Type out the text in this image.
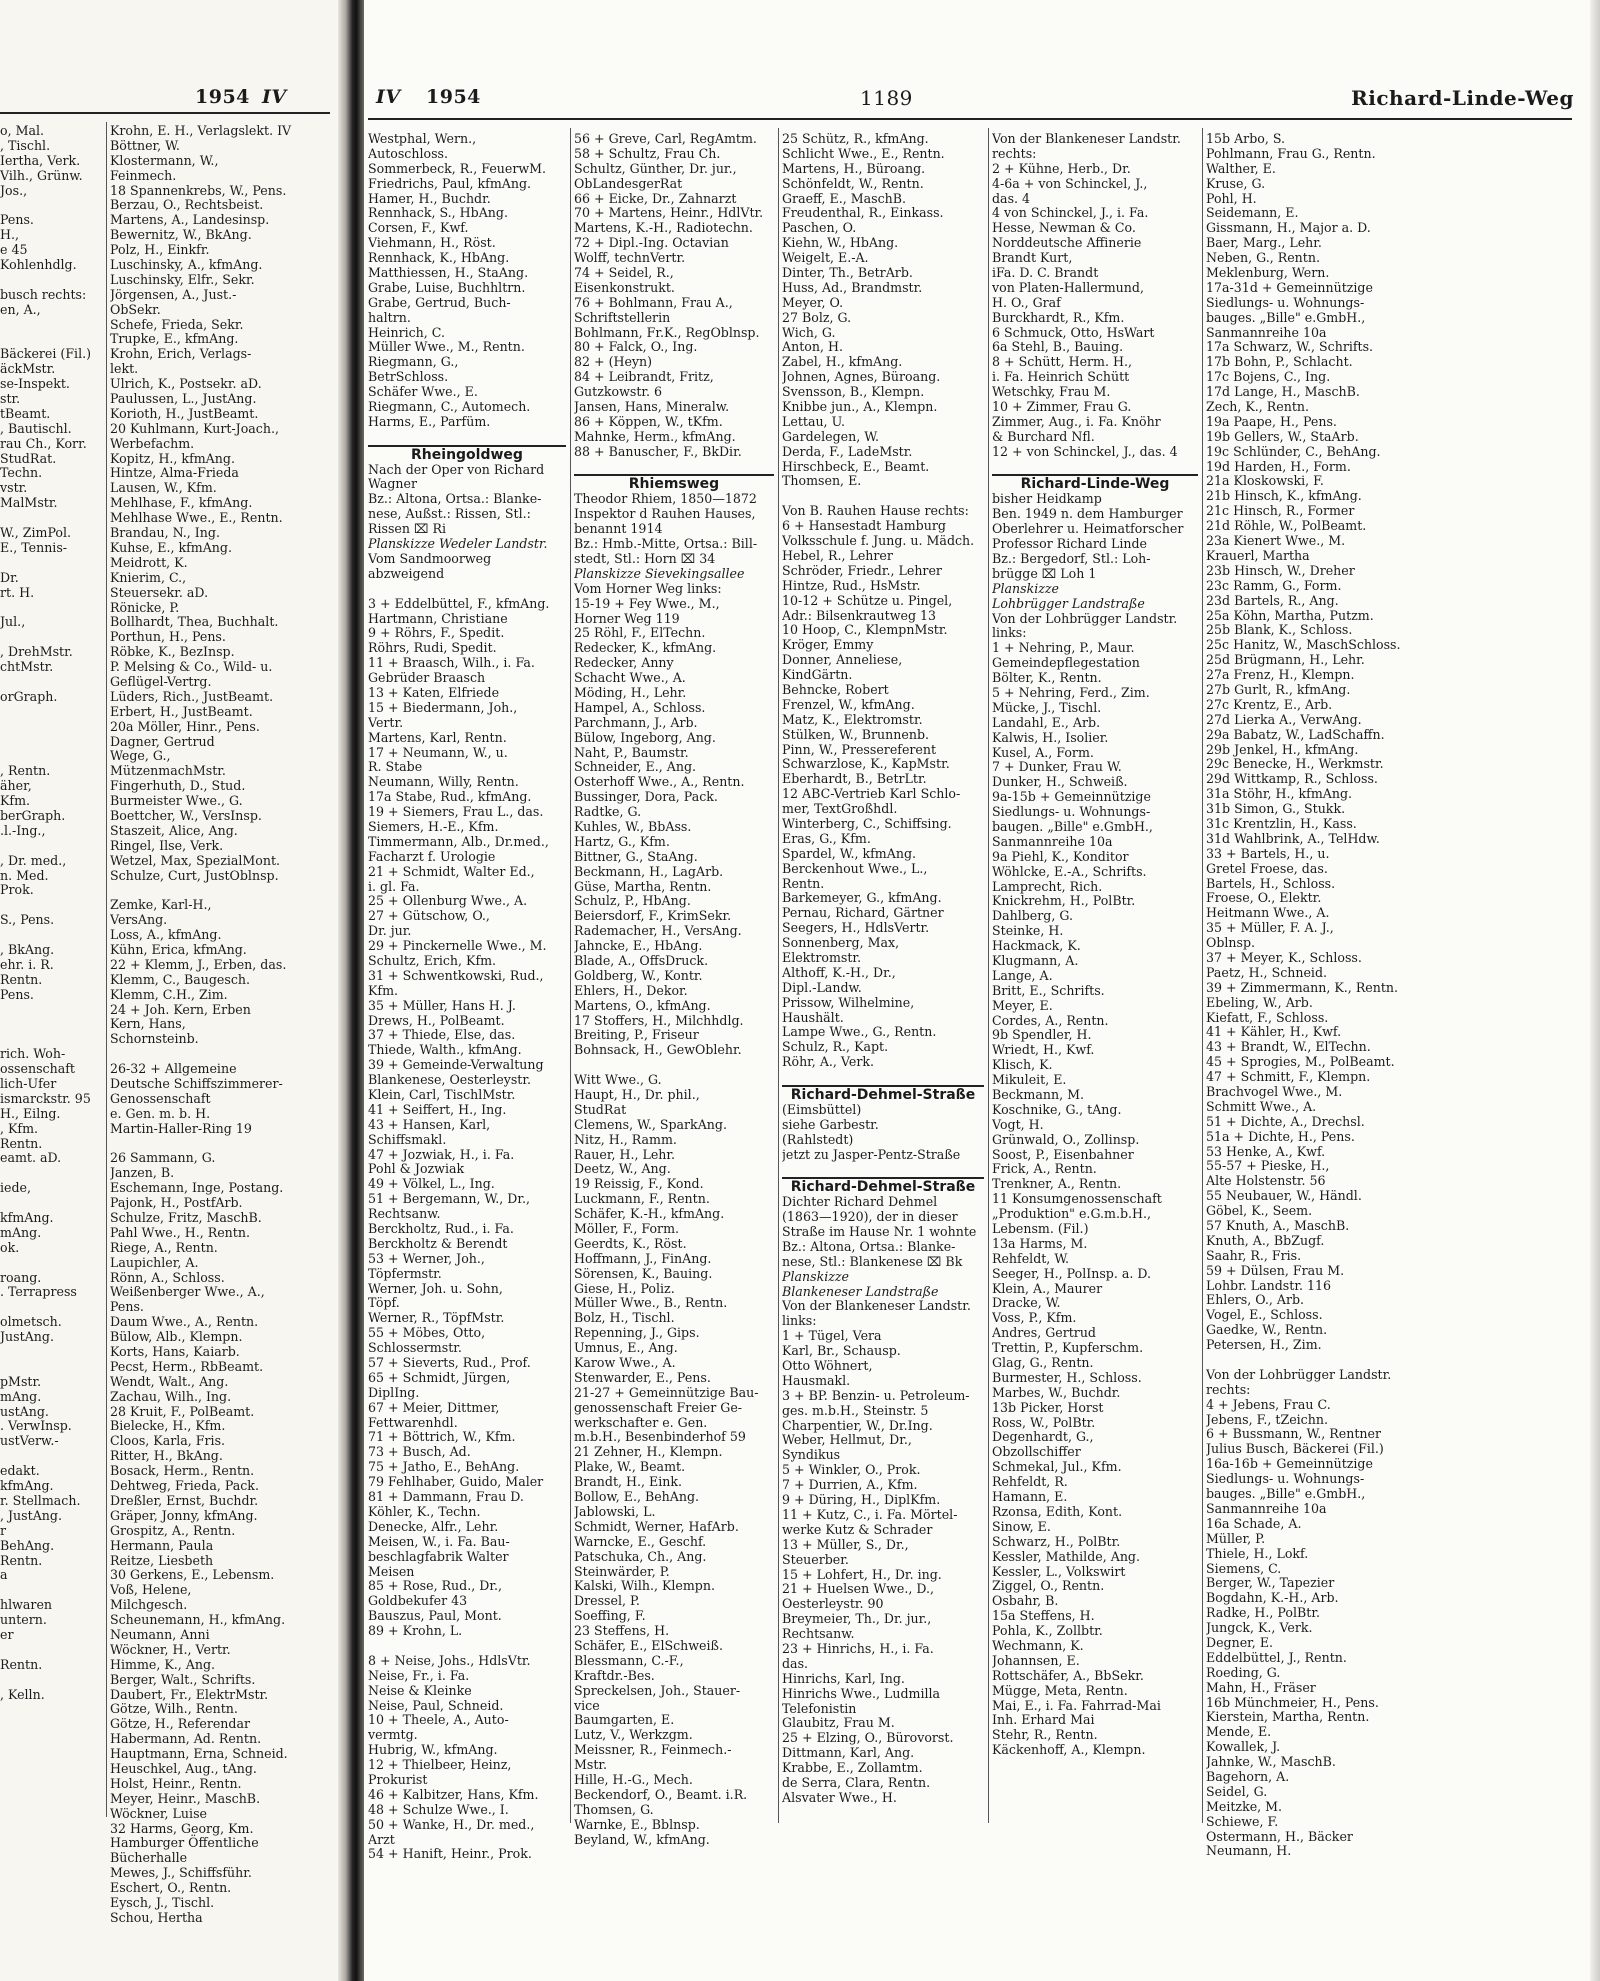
1954 IV
o, Mal.
, Tischl.
Iertha, Verk.
Vilh., Grünw.
Jos.,
Pens.
H.,
e 45
Kohlenhdlg.
busch rechts:
en, A.,
Bäckerei (Fil.)
äckMstr.
se-Inspekt.
str.
tBeamt.
, Bautischl.
rau Ch., Korr.
StudRat.
Techn.
vstr.
MalMstr.
W., ZimPol.
E., Tennis-
Dr.
rt. H.
Jul.,
, DrehMstr.
chtMstr.
orGraph.
, Rentn.
äher,
Kfm.
berGraph.
.l.-Ing.,
, Dr. med.,
n. Med.
Prok.
S., Pens.
, BkAng.
ehr. i. R.
Rentn.
Pens.
rich. Woh-
ossenschaft
lich-Ufer
ismarckstr. 95
H., Eilng.
, Kfm.
Rentn.
eamt. aD.
iede,
kfmAng.
mAng.
ok.
roang.
. Terrapress
olmetsch.
JustAng.
pMstr.
mAng.
ustAng.
. VerwInsp.
ustVerw.-
edakt.
kfmAng.
r. Stellmach.
, JustAng.
r
BehAng.
Rentn.
a
hlwaren
untern.
er
Rentn.
, Kelln.
Krohn, E. H., Verlagslekt. IV
Böttner, W.
Klostermann, W.,
Feinmech.
18 Spannenkrebs, W., Pens.
Berzau, O., Rechtsbeist.
Martens, A., Landesinsp.
Bewernitz, W., BkAng.
Polz, H., Einkfr.
Luschinsky, A., kfmAng.
Luschinsky, Elfr., Sekr.
Jörgensen, A., Just.-
ObSekr.
Schefe, Frieda, Sekr.
Trupke, E., kfmAng.
Krohn, Erich, Verlags-
lekt.
Ulrich, K., Postsekr. aD.
Paulussen, L., JustAng.
Korioth, H., JustBeamt.
20 Kuhlmann, Kurt-Joach.,
Werbefachm.
Kopitz, H., kfmAng.
Hintze, Alma-Frieda
Lausen, W., Kfm.
Mehlhase, F., kfmAng.
Mehlhase Wwe., E., Rentn.
Brandau, N., Ing.
Kuhse, E., kfmAng.
Meidrott, K.
Knierim, C.,
Steuersekr. aD.
Rönicke, P.
Bollhardt, Thea, Buchhalt.
Porthun, H., Pens.
Röbke, K., BezInsp.
P. Melsing & Co., Wild- u.
Geflügel-Vertrg.
Lüders, Rich., JustBeamt.
Erbert, H., JustBeamt.
20a Möller, Hinr., Pens.
Dagner, Gertrud
Wege, G.,
MützenmachMstr.
Fingerhuth, D., Stud.
Burmeister Wwe., G.
Boettcher, W., VersInsp.
Staszeit, Alice, Ang.
Ringel, Ilse, Verk.
Wetzel, Max, SpezialMont.
Schulze, Curt, JustOblnsp.
Zemke, Karl-H.,
VersAng.
Loss, A., kfmAng.
Kühn, Erica, kfmAng.
22 + Klemm, J., Erben, das.
Klemm, C., Baugesch.
Klemm, C.H., Zim.
24 + Joh. Kern, Erben
Kern, Hans,
Schornsteinb.
26-32 + Allgemeine
Deutsche Schiffszimmerer-
Genossenschaft
e. Gen. m. b. H.
Martin-Haller-Ring 19
26 Sammann, G.
Janzen, B.
Eschemann, Inge, Postang.
Pajonk, H., PostfArb.
Schulze, Fritz, MaschB.
Pahl Wwe., H., Rentn.
Riege, A., Rentn.
Laupichler, A.
Rönn, A., Schloss.
Weißenberger Wwe., A.,
Pens.
Daum Wwe., A., Rentn.
Bülow, Alb., Klempn.
Korts, Hans, Kaiarb.
Pecst, Herm., RbBeamt.
Wendt, Walt., Ang.
Zachau, Wilh., Ing.
28 Kruit, F., PolBeamt.
Bielecke, H., Kfm.
Cloos, Karla, Fris.
Ritter, H., BkAng.
Bosack, Herm., Rentn.
Dehtweg, Frieda, Pack.
Dreßler, Ernst, Buchdr.
Gräper, Jonny, kfmAng.
Grospitz, A., Rentn.
Hermann, Paula
Reitze, Liesbeth
30 Gerkens, E., Lebensm.
Voß, Helene,
Milchgesch.
Scheunemann, H., kfmAng.
Neumann, Anni
Wöckner, H., Vertr.
Himme, K., Ang.
Berger, Walt., Schrifts.
Daubert, Fr., ElektrMstr.
Götze, Wilh., Rentn.
Götze, H., Referendar
Habermann, Ad. Rentn.
Hauptmann, Erna, Schneid.
Heuschkel, Aug., tAng.
Holst, Heinr., Rentn.
Meyer, Heinr., MaschB.
Wöckner, Luise
32 Harms, Georg, Km.
Hamburger Öffentliche
Bücherhalle
Mewes, J., Schiffsführ.
Eschert, O., Rentn.
Eysch, J., Tischl.
Schou, Hertha
IV 1954	1189	Richard-Linde-Weg
Westphal, Wern.,
Autoschloss.
Sommerbeck, R., FeuerwM.
Friedrichs, Paul, kfmAng.
Hamer, H., Buchdr.
Rennhack, S., HbAng.
Corsen, F., Kwf.
Viehmann, H., Röst.
Rennhack, K., HbAng.
Matthiessen, H., StaAng.
Grabe, Luise, Buchhltrn.
Grabe, Gertrud, Buch-
haltrn.
Heinrich, C.
Müller Wwe., M., Rentn.
Riegmann, G.,
BetrSchloss.
Schäfer Wwe., E.
Riegmann, C., Automech.
Harms, E., Parfüm.
Rheingoldweg
Nach der Oper von Richard
Wagner
Bz.: Altona, Ortsa.: Blanke-
nese, Außst.: Rissen, Stl.:
Rissen ⌧ Ri
Planskizze Wedeler Landstr.
Vom Sandmoorweg
abzweigend
3 + Eddelbüttel, F., kfmAng.
Hartmann, Christiane
9 + Röhrs, F., Spedit.
Röhrs, Rudi, Spedit.
11 + Braasch, Wilh., i. Fa.
Gebrüder Braasch
13 + Katen, Elfriede
15 + Biedermann, Joh.,
Vertr.
Martens, Karl, Rentn.
17 + Neumann, W., u.
R. Stabe
Neumann, Willy, Rentn.
17a Stabe, Rud., kfmAng.
19 + Siemers, Frau L., das.
Siemers, H.-E., Kfm.
Timmermann, Alb., Dr.med.,
Facharzt f. Urologie
21 + Schmidt, Walter Ed.,
i. gl. Fa.
25 + Ollenburg Wwe., A.
27 + Gütschow, O.,
Dr. jur.
29 + Pinckernelle Wwe., M.
Schultz, Erich, Kfm.
31 + Schwentkowski, Rud.,
Kfm.
35 + Müller, Hans H. J.
Drews, H., PolBeamt.
37 + Thiede, Else, das.
Thiede, Walth., kfmAng.
39 + Gemeinde-Verwaltung
Blankenese, Oesterleystr.
Klein, Carl, TischlMstr.
41 + Seiffert, H., Ing.
43 + Hansen, Karl,
Schiffsmakl.
47 + Jozwiak, H., i. Fa.
Pohl & Jozwiak
49 + Völkel, L., Ing.
51 + Bergemann, W., Dr.,
Rechtsanw.
Berckholtz, Rud., i. Fa.
Berckholtz & Berendt
53 + Werner, Joh.,
Töpfermstr.
Werner, Joh. u. Sohn,
Töpf.
Werner, R., TöpfMstr.
55 + Möbes, Otto,
Schlossermstr.
57 + Sieverts, Rud., Prof.
65 + Schmidt, Jürgen,
DiplIng.
67 + Meier, Dittmer,
Fettwarenhdl.
71 + Böttrich, W., Kfm.
73 + Busch, Ad.
75 + Jatho, E., BehAng.
79 Fehlhaber, Guido, Maler
81 + Dammann, Frau D.
Köhler, K., Techn.
Denecke, Alfr., Lehr.
Meisen, W., i. Fa. Bau-
beschlagfabrik Walter
Meisen
85 + Rose, Rud., Dr.,
Goldbekufer 43
Bauszus, Paul, Mont.
89 + Krohn, L.
8 + Neise, Johs., HdlsVtr.
Neise, Fr., i. Fa.
Neise & Kleinke
Neise, Paul, Schneid.
10 + Theele, A., Auto-
vermtg.
Hubrig, W., kfmAng.
12 + Thielbeer, Heinz,
Prokurist
46 + Kalbitzer, Hans, Kfm.
48 + Schulze Wwe., I.
50 + Wanke, H., Dr. med.,
Arzt
54 + Hanift, Heinr., Prok.
56 + Greve, Carl, RegAmtm.
58 + Schultz, Frau Ch.
Schultz, Günther, Dr. jur.,
ObLandesgerRat
66 + Eicke, Dr., Zahnarzt
70 + Martens, Heinr., HdlVtr.
Martens, K.-H., Radiotechn.
72 + Dipl.-Ing. Octavian
Wolff, technVertr.
74 + Seidel, R.,
Eisenkonstrukt.
76 + Bohlmann, Frau A.,
Schriftstellerin
Bohlmann, Fr.K., RegOblnsp.
80 + Falck, O., Ing.
82 + (Heyn)
84 + Leibrandt, Fritz,
Gutzkowstr. 6
Jansen, Hans, Mineralw.
86 + Köppen, W., tKfm.
Mahnke, Herm., kfmAng.
88 + Banuscher, F., BkDir.
Rhiemsweg
Theodor Rhiem, 1850—1872
Inspektor d Rauhen Hauses,
benannt 1914
Bz.: Hmb.-Mitte, Ortsa.: Bill-
stedt, Stl.: Horn ⌧ 34
Planskizze Sievekingsallee
Vom Horner Weg links:
15-19 + Fey Wwe., M.,
Horner Weg 119
25 Röhl, F., ElTechn.
Redecker, K., kfmAng.
Redecker, Anny
Schacht Wwe., A.
Möding, H., Lehr.
Hampel, A., Schloss.
Parchmann, J., Arb.
Bülow, Ingeborg, Ang.
Naht, P., Baumstr.
Schneider, E., Ang.
Osterhoff Wwe., A., Rentn.
Bussinger, Dora, Pack.
Radtke, G.
Kuhles, W., BbAss.
Hartz, G., Kfm.
Bittner, G., StaAng.
Beckmann, H., LagArb.
Güse, Martha, Rentn.
Schulz, P., HbAng.
Beiersdorf, F., KrimSekr.
Rademacher, H., VersAng.
Jahncke, E., HbAng.
Blade, A., OffsDruck.
Goldberg, W., Kontr.
Ehlers, H., Dekor.
Martens, O., kfmAng.
17 Stoffers, H., Milchhdlg.
Breiting, P., Friseur
Bohnsack, H., GewOblehr.
Witt Wwe., G.
Haupt, H., Dr. phil.,
StudRat
Clemens, W., SparkAng.
Nitz, H., Ramm.
Rauer, H., Lehr.
Deetz, W., Ang.
19 Reissig, F., Kond.
Luckmann, F., Rentn.
Schäfer, K.-H., kfmAng.
Möller, F., Form.
Geerdts, K., Röst.
Hoffmann, J., FinAng.
Sörensen, K., Bauing.
Giese, H., Poliz.
Müller Wwe., B., Rentn.
Bolz, H., Tischl.
Repenning, J., Gips.
Umnus, E., Ang.
Karow Wwe., A.
Stenwarder, E., Pens.
21-27 + Gemeinnützige Bau-
genossenschaft Freier Ge-
werkschafter e. Gen.
m.b.H., Besenbinderhof 59
21 Zehner, H., Klempn.
Plake, W., Beamt.
Brandt, H., Eink.
Bollow, E., BehAng.
Jablowski, L.
Schmidt, Werner, HafArb.
Warncke, E., Geschf.
Patschuka, Ch., Ang.
Steinwärder, P.
Kalski, Wilh., Klempn.
Dressel, P.
Soeffing, F.
23 Steffens, H.
Schäfer, E., ElSchweiß.
Blessmann, C.-F.,
Kraftdr.-Bes.
Spreckelsen, Joh., Stauer-
vice
Baumgarten, E.
Lutz, V., Werkzgm.
Meissner, R., Feinmech.-
Mstr.
Hille, H.-G., Mech.
Beckendorf, O., Beamt. i.R.
Thomsen, G.
Warnke, E., Bblnsp.
Beyland, W., kfmAng.
25 Schütz, R., kfmAng.
Schlicht Wwe., E., Rentn.
Martens, H., Büroang.
Schönfeldt, W., Rentn.
Graeff, E., MaschB.
Freudenthal, R., Einkass.
Paschen, O.
Kiehn, W., HbAng.
Weigelt, E.-A.
Dinter, Th., BetrArb.
Huss, Ad., Brandmstr.
Meyer, O.
27 Bolz, G.
Wich, G.
Anton, H.
Zabel, H., kfmAng.
Johnen, Agnes, Büroang.
Svensson, B., Klempn.
Knibbe jun., A., Klempn.
Lettau, U.
Gardelegen, W.
Derda, F., LadeMstr.
Hirschbeck, E., Beamt.
Thomsen, E.
Von B. Rauhen Hause rechts:
6 + Hansestadt Hamburg
Volksschule f. Jung. u. Mädch.
Hebel, R., Lehrer
Schröder, Friedr., Lehrer
Hintze, Rud., HsMstr.
10-12 + Schütze u. Pingel,
Adr.: Bilsenkrautweg 13
10 Hoop, C., KlempnMstr.
Kröger, Emmy
Donner, Anneliese,
KindGärtn.
Behncke, Robert
Frenzel, W., kfmAng.
Matz, K., Elektromstr.
Stülken, W., Brunnenb.
Pinn, W., Pressereferent
Schwarzlose, K., KapMstr.
Eberhardt, B., BetrLtr.
12 ABC-Vertrieb Karl Schlo-
mer, TextGroßhdl.
Winterberg, C., Schiffsing.
Eras, G., Kfm.
Spardel, W., kfmAng.
Berckenhout Wwe., L.,
Rentn.
Barkemeyer, G., kfmAng.
Pernau, Richard, Gärtner
Seegers, H., HdlsVertr.
Sonnenberg, Max,
Elektromstr.
Althoff, K.-H., Dr.,
Dipl.-Landw.
Prissow, Wilhelmine,
Haushält.
Lampe Wwe., G., Rentn.
Schulz, R., Kapt.
Röhr, A., Verk.
Richard-Dehmel-Straße
(Eimsbüttel)
siehe Garbestr.
(Rahlstedt)
jetzt zu Jasper-Pentz-Straße
Richard-Dehmel-Straße
Dichter Richard Dehmel
(1863—1920), der in dieser
Straße im Hause Nr. 1 wohnte
Bz.: Altona, Ortsa.: Blanke-
nese, Stl.: Blankenese ⌧ Bk
Planskizze
Blankeneser Landstraße
Von der Blankeneser Landstr.
links:
1 + Tügel, Vera
Karl, Br., Schausp.
Otto Wöhnert,
Hausmakl.
3 + BP. Benzin- u. Petroleum-
ges. m.b.H., Steinstr. 5
Charpentier, W., Dr.Ing.
Weber, Hellmut, Dr.,
Syndikus
5 + Winkler, O., Prok.
7 + Durrien, A., Kfm.
9 + Düring, H., DiplKfm.
11 + Kutz, C., i. Fa. Mörtel-
werke Kutz & Schrader
13 + Müller, S., Dr.,
Steuerber.
15 + Lohfert, H., Dr. ing.
21 + Huelsen Wwe., D.,
Oesterleystr. 90
Breymeier, Th., Dr. jur.,
Rechtsanw.
23 + Hinrichs, H., i. Fa.
das.
Hinrichs, Karl, Ing.
Hinrichs Wwe., Ludmilla
Telefonistin
Glaubitz, Frau M.
25 + Elzing, O., Bürovorst.
Dittmann, Karl, Ang.
Krabbe, E., Zollamtm.
de Serra, Clara, Rentn.
Alsvater Wwe., H.
Von der Blankeneser Landstr.
rechts:
2 + Kühne, Herb., Dr.
4-6a + von Schinckel, J.,
das. 4
4 von Schinckel, J., i. Fa.
Hesse, Newman & Co.
Norddeutsche Affinerie
Brandt Kurt,
iFa. D. C. Brandt
von Platen-Hallermund,
H. O., Graf
Burckhardt, R., Kfm.
6 Schmuck, Otto, HsWart
6a Stehl, B., Bauing.
8 + Schütt, Herm. H.,
i. Fa. Heinrich Schütt
Wetschky, Frau M.
10 + Zimmer, Frau G.
Zimmer, Aug., i. Fa. Knöhr
& Burchard Nfl.
12 + von Schinckel, J., das. 4
Richard-Linde-Weg
bisher Heidkamp
Ben. 1949 n. dem Hamburger
Oberlehrer u. Heimatforscher
Professor Richard Linde
Bz.: Bergedorf, Stl.: Loh-
brügge ⌧ Loh 1
Planskizze
Lohbrügger Landstraße
Von der Lohbrügger Landstr.
links:
1 + Nehring, P., Maur.
Gemeindepflegestation
Bölter, K., Rentn.
5 + Nehring, Ferd., Zim.
Mücke, J., Tischl.
Landahl, E., Arb.
Kalwis, H., Isolier.
Kusel, A., Form.
7 + Dunker, Frau W.
Dunker, H., Schweiß.
9a-15b + Gemeinnützige
Siedlungs- u. Wohnungs-
baugen. „Bille" e.GmbH.,
Sanmannreihe 10a
9a Piehl, K., Konditor
Wöhlcke, E.-A., Schrifts.
Lamprecht, Rich.
Knickrehm, H., PolBtr.
Dahlberg, G.
Steinke, H.
Hackmack, K.
Klugmann, A.
Lange, A.
Britt, E., Schrifts.
Meyer, E.
Cordes, A., Rentn.
9b Spendler, H.
Wriedt, H., Kwf.
Klisch, K.
Mikuleit, E.
Beckmann, M.
Koschnike, G., tAng.
Vogt, H.
Grünwald, O., Zollinsp.
Soost, P., Eisenbahner
Frick, A., Rentn.
Trenkner, A., Rentn.
11 Konsumgenossenschaft
„Produktion" e.G.m.b.H.,
Lebensm. (Fil.)
13a Harms, M.
Rehfeldt, W.
Seeger, H., PolInsp. a. D.
Klein, A., Maurer
Dracke, W.
Voss, P., Kfm.
Andres, Gertrud
Trettin, P., Kupferschm.
Glag, G., Rentn.
Burmester, H., Schloss.
Marbes, W., Buchdr.
13b Picker, Horst
Ross, W., PolBtr.
Degenhardt, G.,
Obzollschiffer
Schmekal, Jul., Kfm.
Rehfeldt, R.
Hamann, E.
Rzonsa, Edith, Kont.
Sinow, E.
Schwarz, H., PolBtr.
Kessler, Mathilde, Ang.
Kessler, L., Volkswirt
Ziggel, O., Rentn.
Osbahr, B.
15a Steffens, H.
Pohla, K., Zollbtr.
Wechmann, K.
Johannsen, E.
Rottschäfer, A., BbSekr.
Mügge, Meta, Rentn.
Mai, E., i. Fa. Fahrrad-Mai
Inh. Erhard Mai
Stehr, R., Rentn.
Käckenhoff, A., Klempn.
15b Arbo, S.
Pohlmann, Frau G., Rentn.
Walther, E.
Kruse, G.
Pohl, H.
Seidemann, E.
Gissmann, H., Major a. D.
Baer, Marg., Lehr.
Neben, G., Rentn.
Meklenburg, Wern.
17a-31d + Gemeinnützige
Siedlungs- u. Wohnungs-
bauges. „Bille" e.GmbH.,
Sanmannreihe 10a
17a Schwarz, W., Schrifts.
17b Bohn, P., Schlacht.
17c Bojens, C., Ing.
17d Lange, H., MaschB.
Zech, K., Rentn.
19a Paape, H., Pens.
19b Gellers, W., StaArb.
19c Schlünder, C., BehAng.
19d Harden, H., Form.
21a Kloskowski, F.
21b Hinsch, K., kfmAng.
21c Hinsch, R., Former
21d Röhle, W., PolBeamt.
23a Kienert Wwe., M.
Krauerl, Martha
23b Hinsch, W., Dreher
23c Ramm, G., Form.
23d Bartels, R., Ang.
25a Köhn, Martha, Putzm.
25b Blank, K., Schloss.
25c Hanitz, W., MaschSchloss.
25d Brügmann, H., Lehr.
27a Frenz, H., Klempn.
27b Gurlt, R., kfmAng.
27c Krentz, E., Arb.
27d Lierka A., VerwAng.
29a Babatz, W., LadSchaffn.
29b Jenkel, H., kfmAng.
29c Benecke, H., Werkmstr.
29d Wittkamp, R., Schloss.
31a Stöhr, H., kfmAng.
31b Simon, G., Stukk.
31c Krentzlin, H., Kass.
31d Wahlbrink, A., TelHdw.
33 + Bartels, H., u.
Gretel Froese, das.
Bartels, H., Schloss.
Froese, O., Elektr.
Heitmann Wwe., A.
35 + Müller, F. A. J.,
Oblnsp.
37 + Meyer, K., Schloss.
Paetz, H., Schneid.
39 + Zimmermann, K., Rentn.
Ebeling, W., Arb.
Kiefatt, F., Schloss.
41 + Kähler, H., Kwf.
43 + Brandt, W., ElTechn.
45 + Sprogies, M., PolBeamt.
47 + Schmitt, F., Klempn.
Brachvogel Wwe., M.
Schmitt Wwe., A.
51 + Dichte, A., Drechsl.
51a + Dichte, H., Pens.
53 Henke, A., Kwf.
55-57 + Pieske, H.,
Alte Holstenstr. 56
55 Neubauer, W., Händl.
Göbel, K., Seem.
57 Knuth, A., MaschB.
Knuth, A., BbZugf.
Saahr, R., Fris.
59 + Dülsen, Frau M.
Lohbr. Landstr. 116
Ehlers, O., Arb.
Vogel, E., Schloss.
Gaedke, W., Rentn.
Petersen, H., Zim.
Von der Lohbrügger Landstr.
rechts:
4 + Jebens, Frau C.
Jebens, F., tZeichn.
6 + Bussmann, W., Rentner
Julius Busch, Bäckerei (Fil.)
16a-16b + Gemeinnützige
Siedlungs- u. Wohnungs-
bauges. „Bille" e.GmbH.,
Sanmannreihe 10a
16a Schade, A.
Müller, P.
Thiele, H., Lokf.
Siemens, C.
Berger, W., Tapezier
Bogdahn, K.-H., Arb.
Radke, H., PolBtr.
Jungck, K., Verk.
Degner, E.
Eddelbüttel, J., Rentn.
Roeding, G.
Mahn, H., Fräser
16b Münchmeier, H., Pens.
Kierstein, Martha, Rentn.
Mende, E.
Kowallek, J.
Jahnke, W., MaschB.
Bagehorn, A.
Seidel, G.
Meitzke, M.
Schiewe, F.
Ostermann, H., Bäcker
Neumann, H.
